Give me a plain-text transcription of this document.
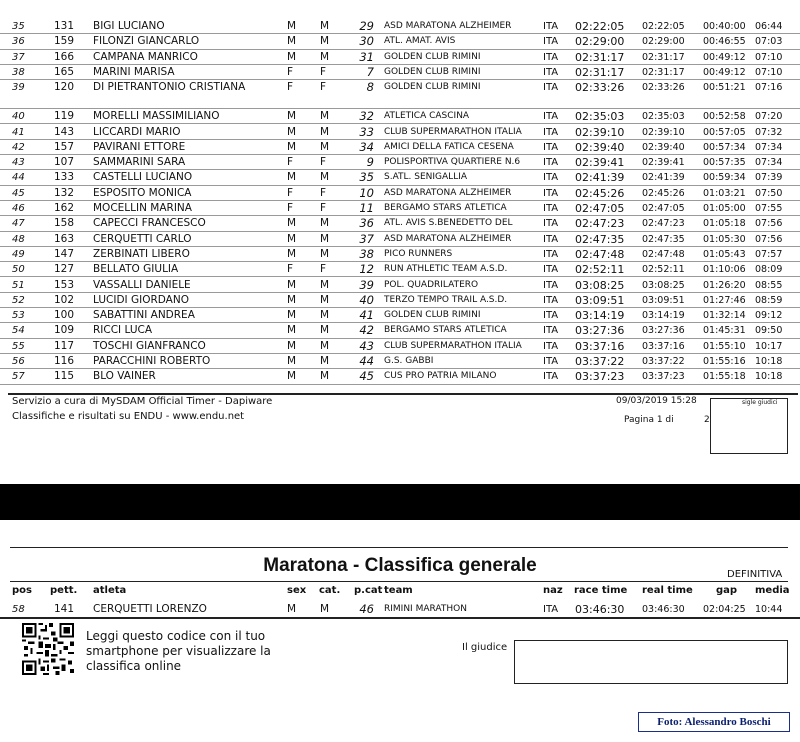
35	131 BIGI LUCIANO	M M	29 ASD MARATONA ALZHEIMER	ITA 02:22:05 02:22:05 00:40:00 06:44
36	159 FILONZI GIANCARLO	M M	30 ATL. AMAT. AVIS	ITA 02:29:00 02:29:00 00:46:55 07:03
37	166 CAMPANA MANRICO	M M	31 GOLDEN CLUB RIMINI	ITA 02:31:17 02:31:17 00:49:12 07:10
38	165 MARINI MARISA	F	F	7 GOLDEN CLUB RIMINI	ITA 02:31:17 02:31:17 00:49:12 07:10
39	120 DI PIETRANTONIO CRISTIANA	F	F	8 GOLDEN CLUB RIMINI	ITA 02:33:26 02:33:26 00:51:21 07:16
40	119 MORELLI MASSIMILIANO	M M	32 ATLETICA CASCINA	ITA 02:35:03 02:35:03 00:52:58 07:20
41	143 LICCARDI MARIO	M M	33 CLUB SUPERMARATHON ITALIA ITA 02:39:10 02:39:10 00:57:05 07:32
42	157 PAVIRANI ETTORE	M M	34 AMICI DELLA FATICA CESENA	ITA 02:39:40 02:39:40 00:57:34 07:34
43	107 SAMMARINI SARA	F	F	9 POLISPORTIVA QUARTIERE N.6 ITA 02:39:41 02:39:41 00:57:35 07:34
44	133 CASTELLI LUCIANO	M M	35 S.ATL. SENIGALLIA	ITA 02:41:39 02:41:39 00:59:34 07:39
45	132 ESPOSITO MONICA	F	F	10 ASD MARATONA ALZHEIMER	ITA 02:45:26 02:45:26 01:03:21 07:50
46	162 MOCELLIN MARINA	F	F	11 BERGAMO STARS ATLETICA	ITA 02:47:05 02:47:05 01:05:00 07:55
47	158 CAPECCI FRANCESCO	M M	36 ATL. AVIS S.BENEDETTO DEL	ITA 02:47:23 02:47:23 01:05:18 07:56
48	163 CERQUETTI CARLO	M M	37 ASD MARATONA ALZHEIMER	ITA 02:47:35 02:47:35 01:05:30 07:56
49	147 ZERBINATI LIBERO	M M	38 PICO RUNNERS	ITA 02:47:48 02:47:48 01:05:43 07:57
50	127 BELLATO GIULIA	F	F	12 RUN ATHLETIC TEAM A.S.D.	ITA 02:52:11 02:52:11 01:10:06 08:09
51	153 VASSALLI DANIELE	M M	39 POL. QUADRILATERO	ITA 03:08:25 03:08:25 01:26:20 08:55
52	102 LUCIDI GIORDANO	M M	40 TERZO TEMPO TRAIL A.S.D.	ITA 03:09:51 03:09:51 01:27:46 08:59
53	100 SABATTINI ANDREA	M M	41 GOLDEN CLUB RIMINI	ITA 03:14:19 03:14:19 01:32:14 09:12
54	109 RICCI LUCA	M M	42 BERGAMO STARS ATLETICA	ITA 03:27:36 03:27:36 01:45:31 09:50
55	117 TOSCHI GIANFRANCO	M M	43 CLUB SUPERMARATHON ITALIA ITA 03:37:16 03:37:16 01:55:10 10:17
56	116 PARACCHINI ROBERTO	M M	44 G.S. GABBI	ITA 03:37:22 03:37:22 01:55:16 10:18
57	115 BLO VAINER	M M	45 CUS PRO PATRIA MILANO	ITA 03:37:23 03:37:23 01:55:18 10:18
Servizio a cura di MySDAM Official Timer - Dapiware
Classifiche e risultati su ENDU - www.endu.net
09/03/2019 15:28
Pagina 1 di	2
sigle giudici
Maratona - Classifica generale	DEFINITIVA
pos pett. atleta	sex cat. p.cat team	naz race time real time gap media
58	141 CERQUETTI LORENZO	M M	46 RIMINI MARATHON	ITA 03:46:30 03:46:30 02:04:25 10:44
Leggi questo codice con il tuo smartphone per visualizzare la classifica online
Il giudice
Foto: Alessandro Boschi
